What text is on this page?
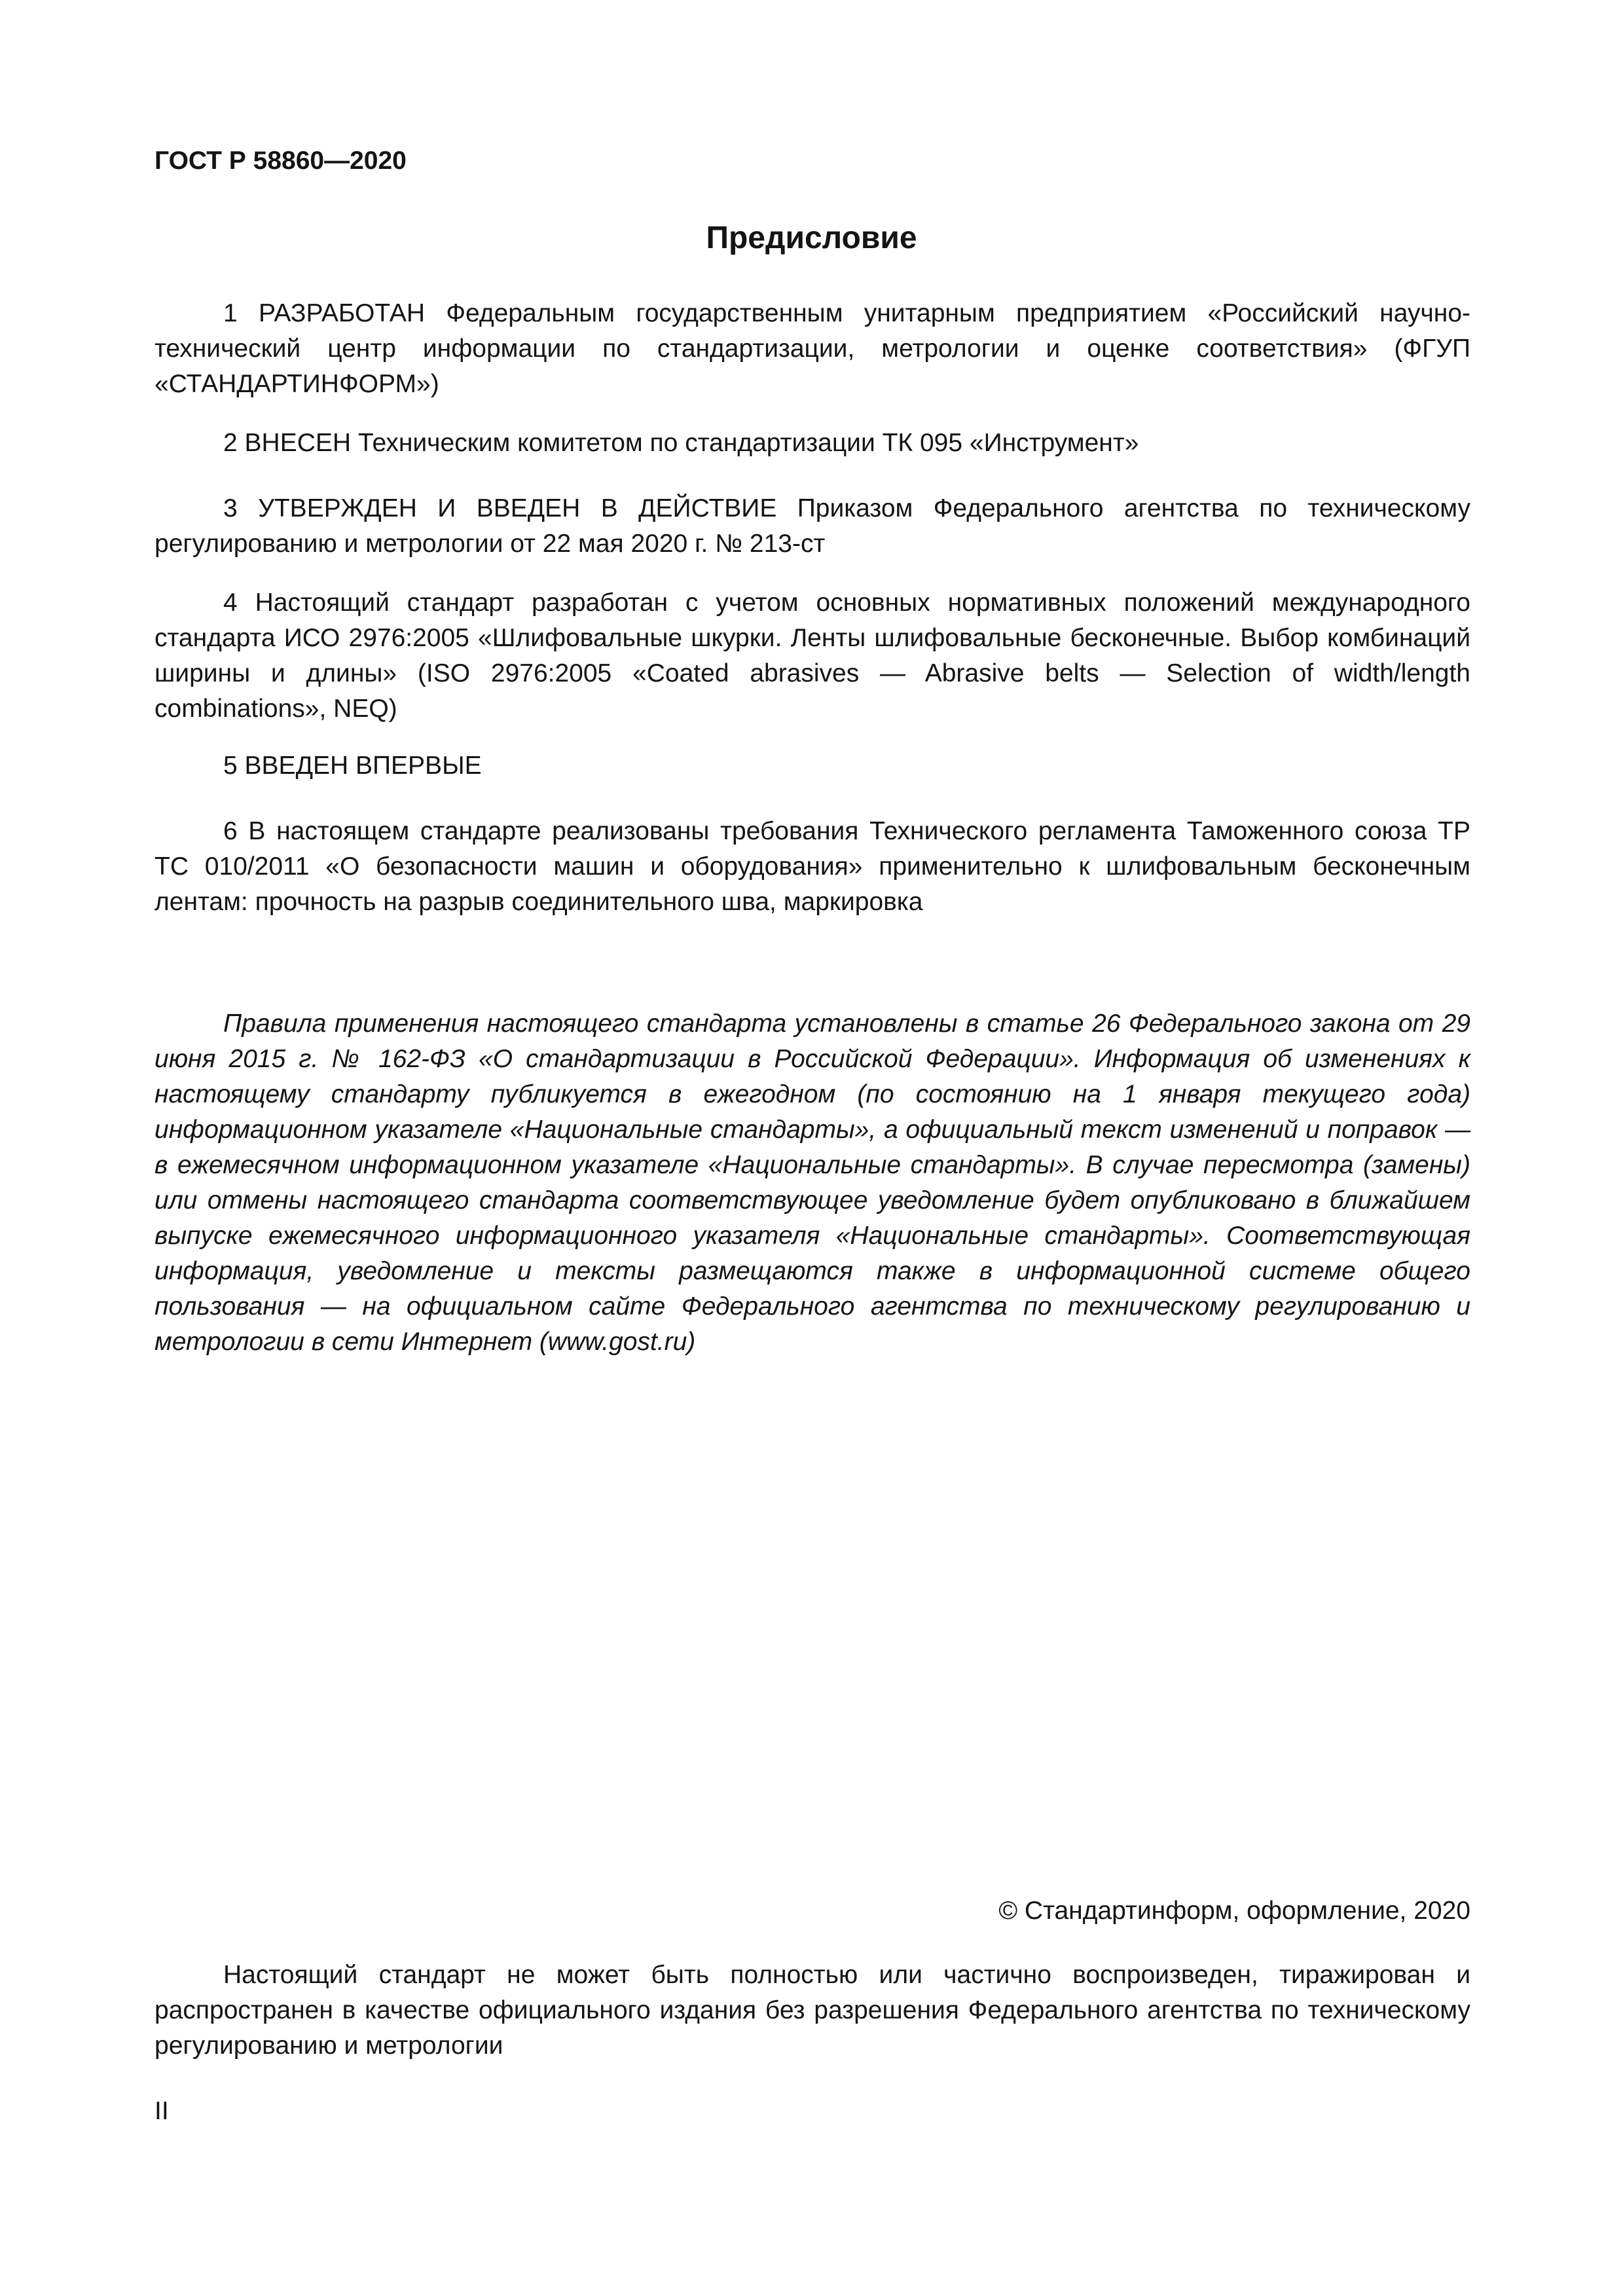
ГОСТ Р 58860—2020

Предисловие

1 РАЗРАБОТАН Федеральным государственным унитарным предприятием «Российский научно-технический центр информации по стандартизации, метрологии и оценке соответствия» (ФГУП «СТАНДАРТИНФОРМ»)

2 ВНЕСЕН Техническим комитетом по стандартизации ТК 095 «Инструмент»

3 УТВЕРЖДЕН И ВВЕДЕН В ДЕЙСТВИЕ Приказом Федерального агентства по техническому регулированию и метрологии от 22 мая 2020 г. № 213-ст

4 Настоящий стандарт разработан с учетом основных нормативных положений международного стандарта ИСО 2976:2005 «Шлифовальные шкурки. Ленты шлифовальные бесконечные. Выбор комбинаций ширины и длины» (ISO 2976:2005 «Coated abrasives — Abrasive belts — Selection of width/length combinations», NEQ)

5 ВВЕДЕН ВПЕРВЫЕ

6 В настоящем стандарте реализованы требования Технического регламента Таможенного союза ТР ТС 010/2011 «О безопасности машин и оборудования» применительно к шлифовальным бесконечным лентам: прочность на разрыв соединительного шва, маркировка

Правила применения настоящего стандарта установлены в статье 26 Федерального закона от 29 июня 2015 г. № 162-ФЗ «О стандартизации в Российской Федерации». Информация об изменениях к настоящему стандарту публикуется в ежегодном (по состоянию на 1 января текущего года) информационном указателе «Национальные стандарты», а официальный текст изменений и поправок — в ежемесячном информационном указателе «Национальные стандарты». В случае пересмотра (замены) или отмены настоящего стандарта соответствующее уведомление будет опубликовано в ближайшем выпуске ежемесячного информационного указателя «Национальные стандарты». Соответствующая информация, уведомление и тексты размещаются также в информационной системе общего пользования — на официальном сайте Федерального агентства по техническому регулированию и метрологии в сети Интернет (www.gost.ru)

© Стандартинформ, оформление, 2020

Настоящий стандарт не может быть полностью или частично воспроизведен, тиражирован и распространен в качестве официального издания без разрешения Федерального агентства по техническому регулированию и метрологии

II
